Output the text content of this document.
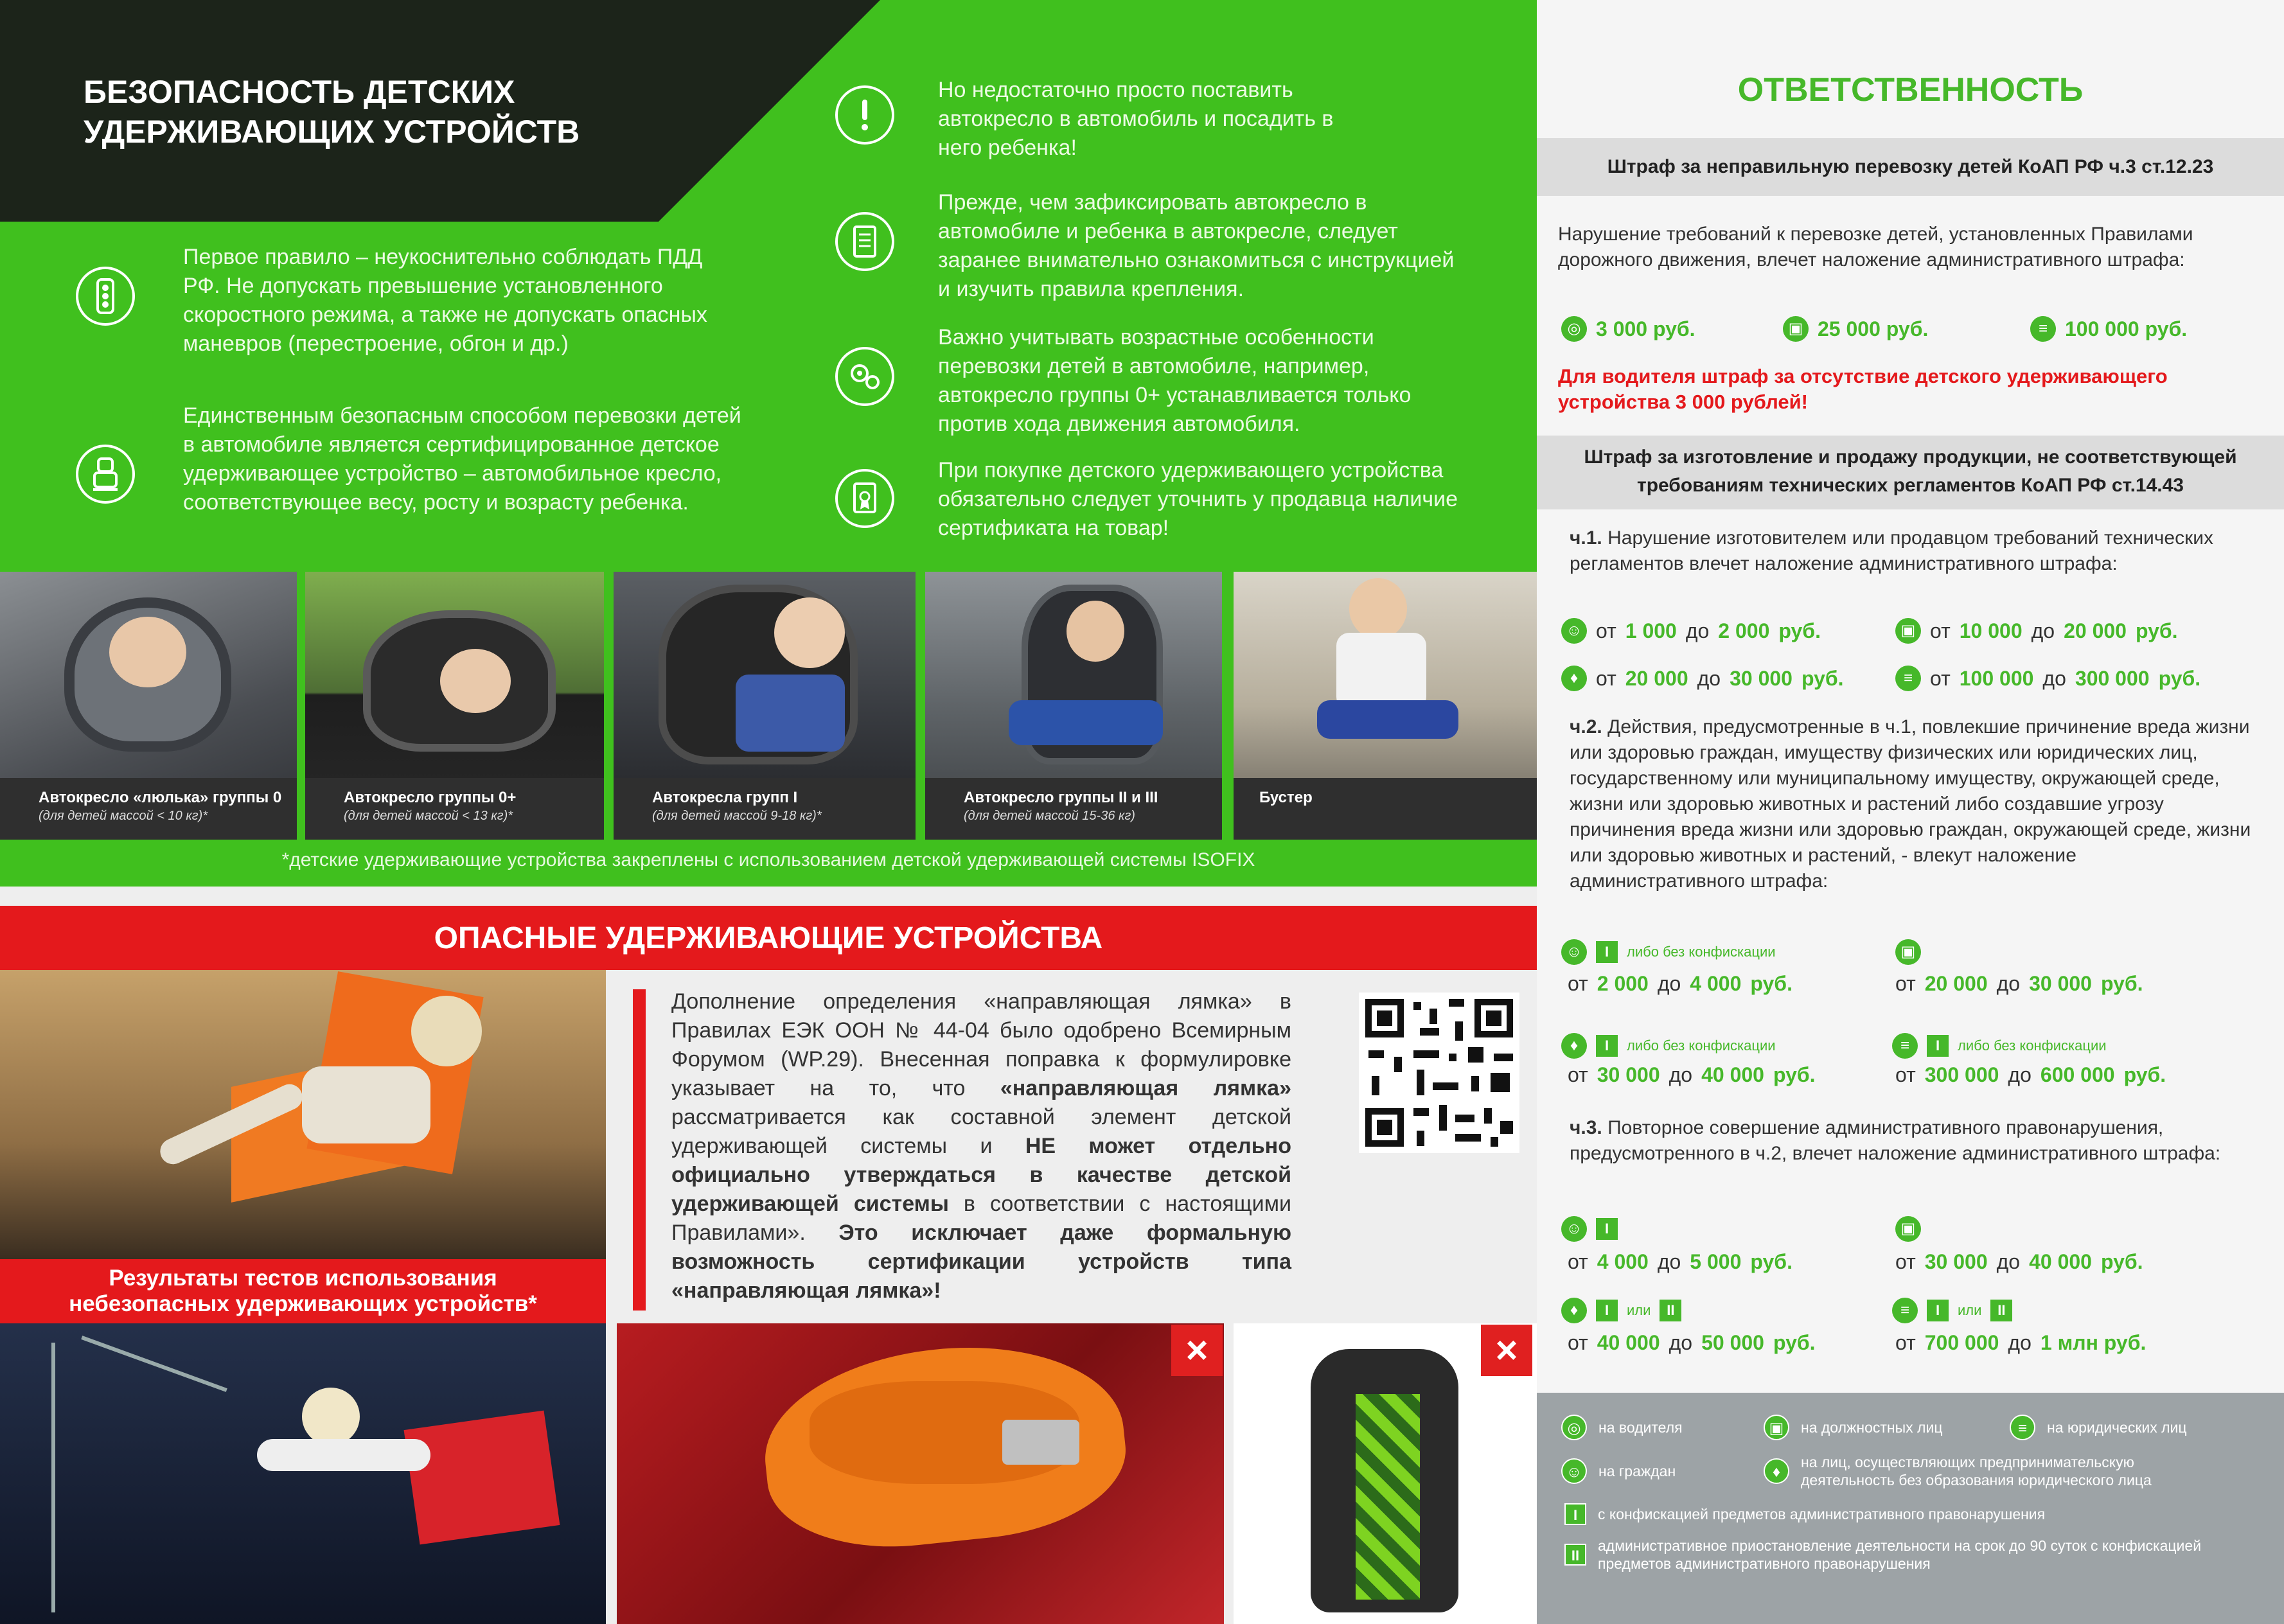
БЕЗОПАСНОСТЬ ДЕТСКИХ
УДЕРЖИВАЮЩИХ УСТРОЙСТВ
Первое правило – неукоснительно соблюдать ПДД РФ. Не допускать превышение установленного скоростного режима, а также не допускать опасных маневров (перестроение, обгон и др.)
Единственным безопасным способом перевозки детей в автомобиле является сертифицированное детское удерживающее устройство – автомобильное кресло, соответствующее весу, росту и возрасту ребенка.
Но недостаточно просто поставить автокресло в автомобиль и посадить в него ребенка!
Прежде, чем зафиксировать автокресло в автомобиле и ребенка в автокресле, следует заранее внимательно ознакомиться с инструкцией и изучить правила крепления.
Важно учитывать возрастные особенности перевозки детей в автомобиле, например, автокресло группы 0+ устанавливается только против хода движения автомобиля.
При покупке детского удерживающего устройства обязательно следует уточнить у продавца наличие сертификата на товар!
Автокресло «люлька» группы 0
(для детей массой < 10 кг)*
Автокресло группы 0+
(для детей массой < 13 кг)*
Автокресла групп I
(для детей массой 9-18 кг)*
Автокресло группы II и III
(для детей массой 15-36 кг)
Бустер
*детские удерживающие устройства закреплены с использованием детской удерживающей системы ISOFIX
ОПАСНЫЕ УДЕРЖИВАЮЩИЕ УСТРОЙСТВА
Результаты тестов использования
небезопасных удерживающих устройств*
Дополнение определения «направляющая лямка» в Правилах ЕЭК ООН № 44-04 было одобрено Всемирным Форумом (WP.29). Внесенная поправка к формулировке указывает на то, что «направляющая лямка» рассматривается как составной элемент детской удерживающей системы и НЕ может отдельно официально утверждаться в качестве детской удерживающей системы в соответствии с настоящими Правилами». Это исключает даже формальную возможность сертификации устройств типа «направляющая лямка»!
×	×
ОТВЕТСТВЕННОСТЬ
Штраф за неправильную перевозку детей КоАП РФ ч.3 ст.12.23
Нарушение требований к перевозке детей, установленных Правилами дорожного движения, влечет наложение административного штрафа:
◎ 3 000 руб.	▣ 25 000 руб.	≡ 100 000 руб.
Для водителя штраф за отсутствие детского удерживающего устройства 3 000 рублей!
Штраф за изготовление и продажу продукции, не соответствующей
требованиям технических регламентов КоАП РФ ст.14.43
ч.1. Нарушение изготовителем или продавцом требований технических регламентов влечет наложение административного штрафа:
☺ от 1 000 до 2 000 руб.	▣ от 10 000 до 20 000 руб.
♦ от 20 000 до 30 000 руб.	≡ от 100 000 до 300 000 руб.
ч.2. Действия, предусмотренные в ч.1, повлекшие причинение вреда жизни или здоровью граждан, имуществу физических или юридических лиц, государственному или муниципальному имуществу, окружающей среде, жизни или здоровью животных и растений либо создавшие угрозу причинения вреда жизни или здоровью граждан, окружающей среде, жизни или здоровью животных и растений, - влекут наложение административного штрафа:
☺	I	либо без конфискации
от 2 000 до 4 000 руб.
▣
от 20 000 до 30 000 руб.
♦	I	либо без конфискации
от 30 000 до 40 000 руб.
≡	I	либо без конфискации
от 300 000 до 600 000 руб.
ч.3. Повторное совершение административного правонарушения, предусмотренного в ч.2, влечет наложение административного штрафа:
☺	I
от 4 000 до 5 000 руб.
▣
от 30 000 до 40 000 руб.
♦	I	или	II
от 40 000 до 50 000 руб.
≡	I	или	II
от 700 000 до 1 млн руб.
◎	на водителя	▣	на должностных лиц	≡	на юридических лиц
☺	на граждан	♦
на лиц, осуществляющих предпринимательскую деятельность без образования юридического лица
I	с конфискацией предметов административного правонарушения
II
административное приостановление деятельности на срок до 90 суток с конфискацией предметов административного правонарушения
